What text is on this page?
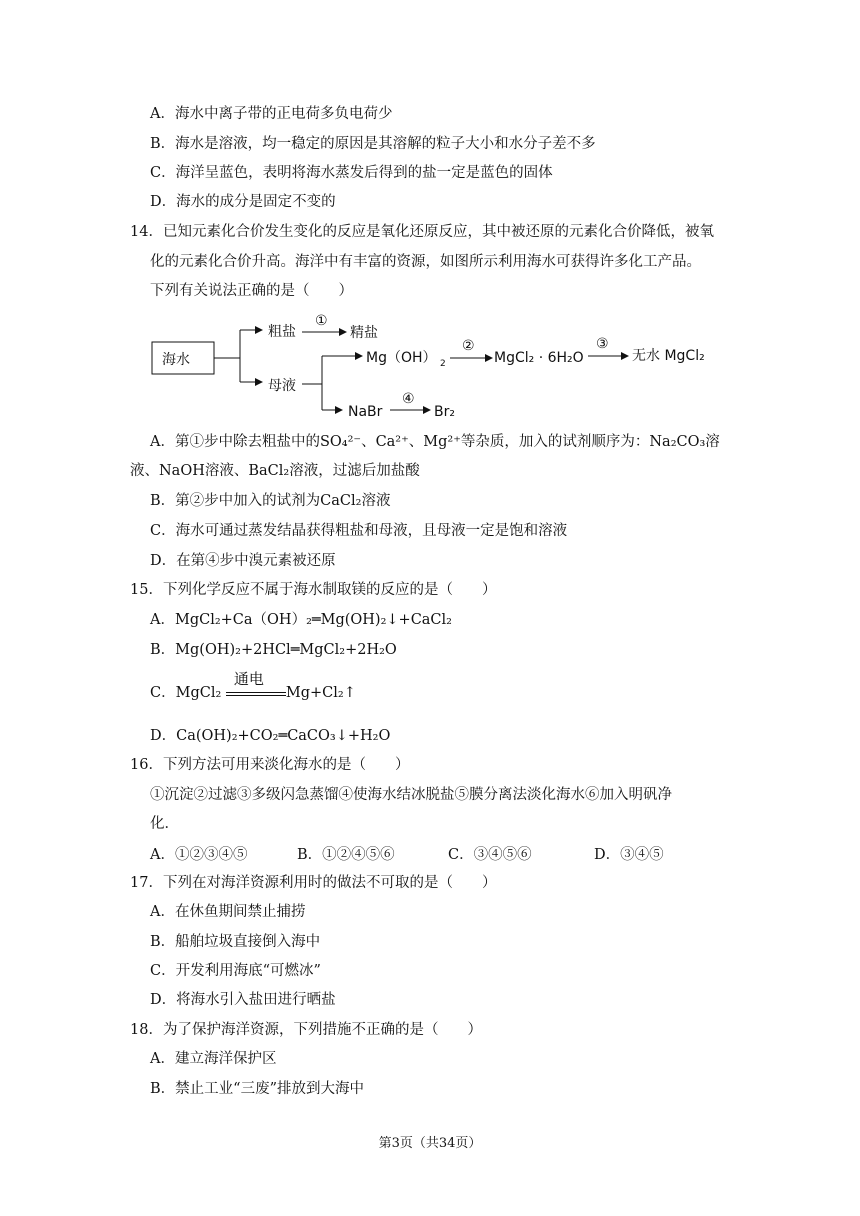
A．海水中离子带的正电荷多负电荷少
B．海水是溶液，均一稳定的原因是其溶解的粒子大小和水分子差不多
C．海洋呈蓝色，表明将海水蒸发后得到的盐一定是蓝色的固体
D．海水的成分是固定不变的
14．已知元素化合价发生变化的反应是氧化还原反应，其中被还原的元素化合价降低，被氧
化的元素化合价升高。海洋中有丰富的资源，如图所示利用海水可获得许多化工产品。
下列有关说法正确的是（　　）
海水
粗盐
①
精盐
母液
Mg（OH） 2
②
MgCl₂ · 6H₂O
③
无水 MgCl₂
NaBr
④
Br₂
A．第①步中除去粗盐中的SO₄²⁻、Ca²⁺、Mg²⁺等杂质，加入的试剂顺序为：Na₂CO₃溶
液、NaOH溶液、BaCl₂溶液，过滤后加盐酸
B．第②步中加入的试剂为CaCl₂溶液
C．海水可通过蒸发结晶获得粗盐和母液，且母液一定是饱和溶液
D．在第④步中溴元素被还原
15．下列化学反应不属于海水制取镁的反应的是（　　）
A．MgCl₂+Ca（OH）₂═Mg(OH)₂↓+CaCl₂
B．Mg(OH)₂+2HCl═MgCl₂+2H₂O
C．MgCl₂
通电
Mg+Cl₂↑
D．Ca(OH)₂+CO₂═CaCO₃↓+H₂O
16．下列方法可用来淡化海水的是（　　）
①沉淀②过滤③多级闪急蒸馏④使海水结冰脱盐⑤膜分离法淡化海水⑥加入明矾净
化．
A．①②③④⑤	B．①②④⑤⑥	C．③④⑤⑥	D．③④⑤
17．下列在对海洋资源利用时的做法不可取的是（　　）
A．在休鱼期间禁止捕捞
B．船舶垃圾直接倒入海中
C．开发利用海底“可燃冰”
D．将海水引入盐田进行晒盐
18．为了保护海洋资源，下列措施不正确的是（　　）
A．建立海洋保护区
B．禁止工业“三废”排放到大海中
第3页（共34页）
